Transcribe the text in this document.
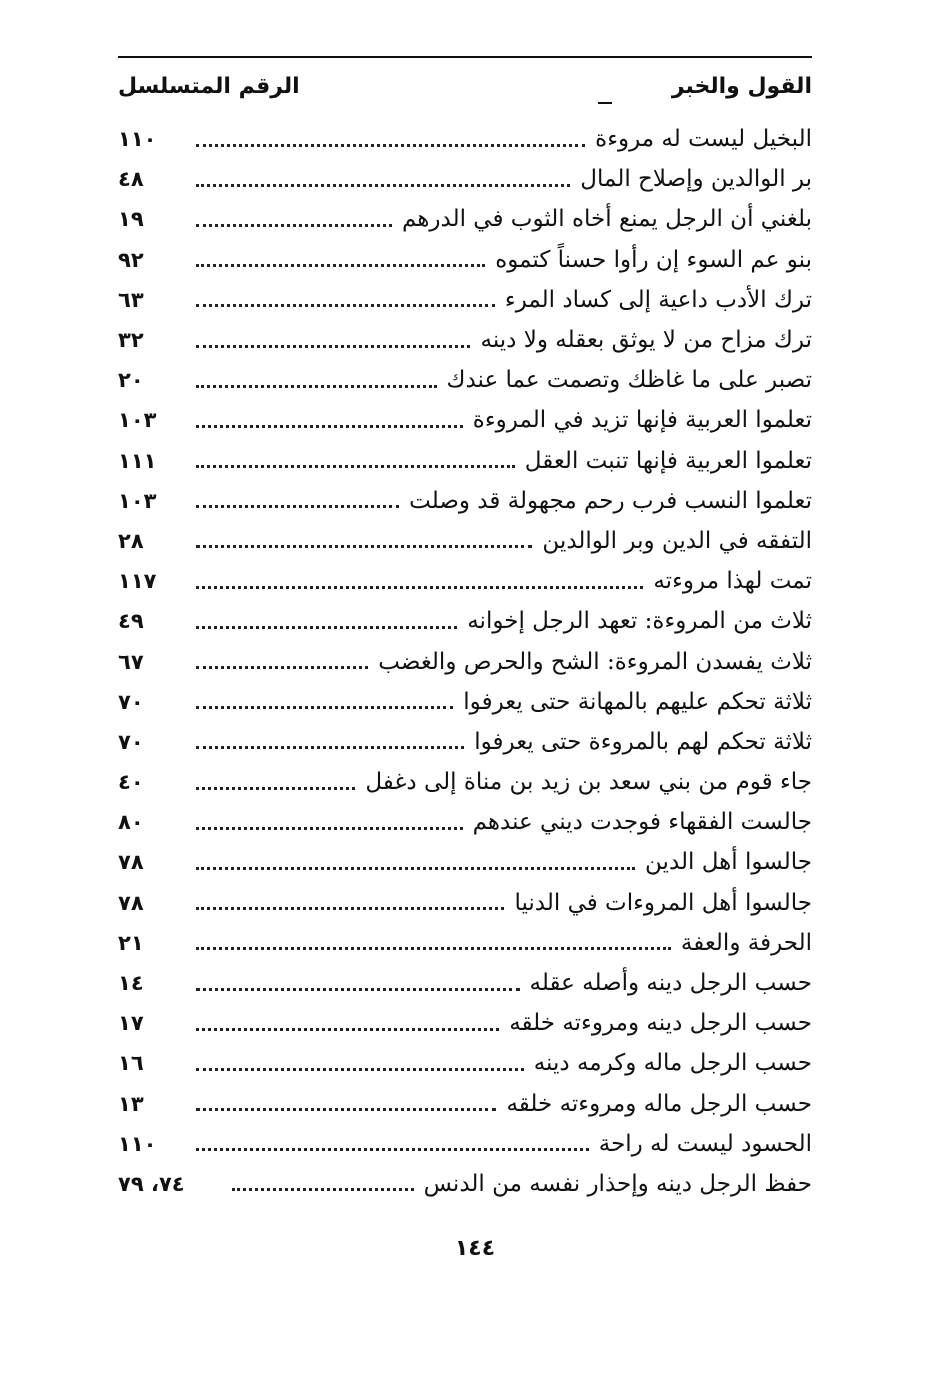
القول والخبر
الرقم المتسلسل
البخيل ليست له مروءة
١١٠
بر الوالدين وإصلاح المال
٤٨
بلغني أن الرجل يمنع أخاه الثوب في الدرهم
١٩
بنو عم السوء إن رأوا حسناً كتموه
٩٢
ترك الأدب داعية إلى كساد المرء
٦٣
ترك مزاح من لا يوثق بعقله ولا دينه
٣٢
تصبر على ما غاظك وتصمت عما عندك
٢٠
تعلموا العربية فإنها تزيد في المروءة
١٠٣
تعلموا العربية فإنها تنبت العقل
١١١
تعلموا النسب فرب رحم مجهولة قد وصلت
١٠٣
التفقه في الدين وبر الوالدين
٢٨
تمت لهذا مروءته
١١٧
ثلاث من المروءة: تعهد الرجل إخوانه
٤٩
ثلاث يفسدن المروءة: الشح والحرص والغضب
٦٧
ثلاثة تحكم عليهم بالمهانة حتى يعرفوا
٧٠
ثلاثة تحكم لهم بالمروءة حتى يعرفوا
٧٠
جاء قوم من بني سعد بن زيد بن مناة إلى دغفل
٤٠
جالست الفقهاء فوجدت ديني عندهم
٨٠
جالسوا أهل الدين
٧٨
جالسوا أهل المروءات في الدنيا
٧٨
الحرفة والعفة
٢١
حسب الرجل دينه وأصله عقله
١٤
حسب الرجل دينه ومروءته خلقه
١٧
حسب الرجل ماله وكرمه دينه
١٦
حسب الرجل ماله ومروءته خلقه
١٣
الحسود ليست له راحة
١١٠
حفظ الرجل دينه وإحذار نفسه من الدنس
٧٤، ٧٩
١٤٤
